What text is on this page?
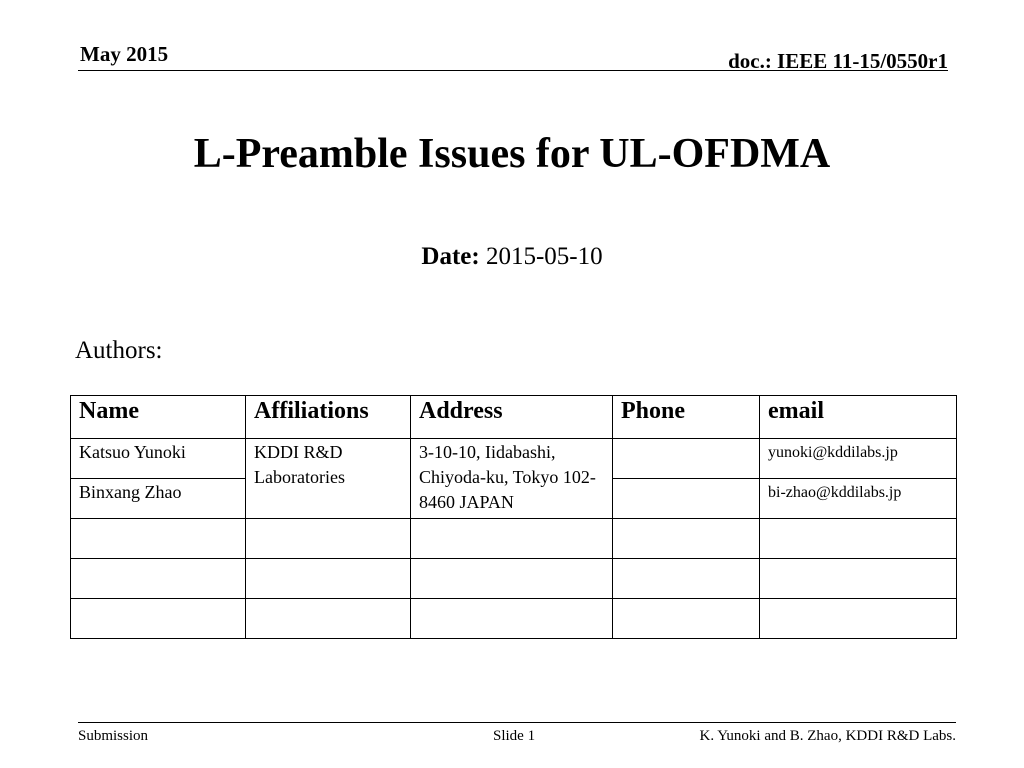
May 2015	doc.: IEEE 11-15/0550r1
L-Preamble Issues for UL-OFDMA
Date: 2015-05-10
Authors:
Name	Affiliations	Address	Phone	email
Katsuo Yunoki	KDDI R&D Laboratories	3-10-10, Iidabashi, Chiyoda-ku, Tokyo 102-8460 JAPAN		yunoki@kddilabs.jp
Binxang Zhao				bi-zhao@kddilabs.jp

Submission	Slide 1	K. Yunoki and B. Zhao, KDDI R&D Labs.
